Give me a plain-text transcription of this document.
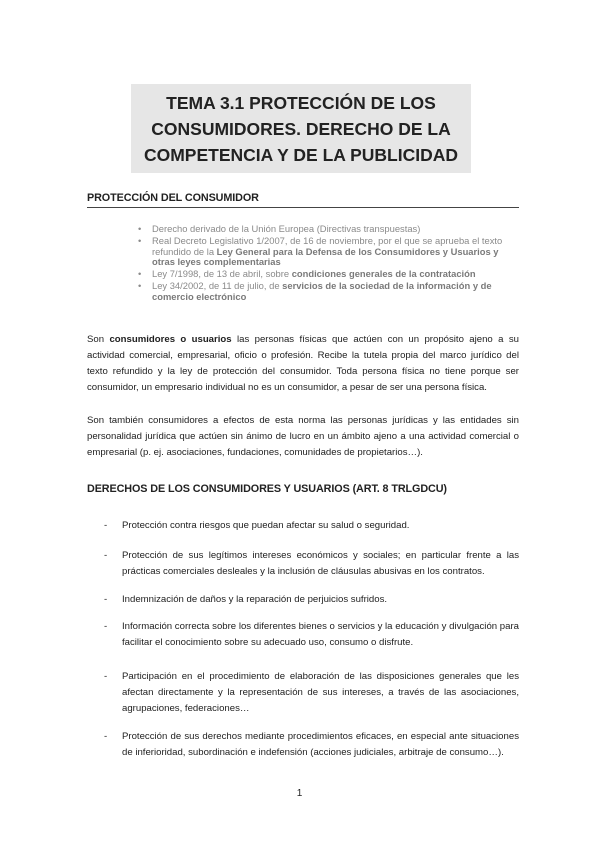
TEMA 3.1 PROTECCIÓN DE LOS
CONSUMIDORES. DERECHO DE LA
COMPETENCIA Y DE LA PUBLICIDAD
PROTECCIÓN DEL CONSUMIDOR
• Derecho derivado de la Unión Europea (Directivas transpuestas)
• Real Decreto Legislativo 1/2007, de 16 de noviembre, por el que se aprueba el texto refundido de la Ley General para la Defensa de los Consumidores y Usuarios y otras leyes complementarias
• Ley 7/1998, de 13 de abril, sobre condiciones generales de la contratación
• Ley 34/2002, de 11 de julio, de servicios de la sociedad de la información y de comercio electrónico

Son consumidores o usuarios las personas físicas que actúen con un propósito ajeno a su actividad comercial, empresarial, oficio o profesión. Recibe la tutela propia del marco jurídico del texto refundido y la ley de protección del consumidor. Toda persona física no tiene porque ser consumidor, un empresario individual no es un consumidor, a pesar de ser una persona física.

Son también consumidores a efectos de esta norma las personas jurídicas y las entidades sin personalidad jurídica que actúen sin ánimo de lucro en un ámbito ajeno a una actividad comercial o empresarial (p. ej. asociaciones, fundaciones, comunidades de propietarios…).

DERECHOS DE LOS CONSUMIDORES Y USUARIOS (ART. 8 TRLGDCU)
- Protección contra riesgos que puedan afectar su salud o seguridad.
- Protección de sus legítimos intereses económicos y sociales; en particular frente a las prácticas comerciales desleales y la inclusión de cláusulas abusivas en los contratos.
- Indemnización de daños y la reparación de perjuicios sufridos.
- Información correcta sobre los diferentes bienes o servicios y la educación y divulgación para facilitar el conocimiento sobre su adecuado uso, consumo o disfrute.
- Participación en el procedimiento de elaboración de las disposiciones generales que les afectan directamente y la representación de sus intereses, a través de las asociaciones, agrupaciones, federaciones…
- Protección de sus derechos mediante procedimientos eficaces, en especial ante situaciones de inferioridad, subordinación e indefensión (acciones judiciales, arbitraje de consumo…).
1
